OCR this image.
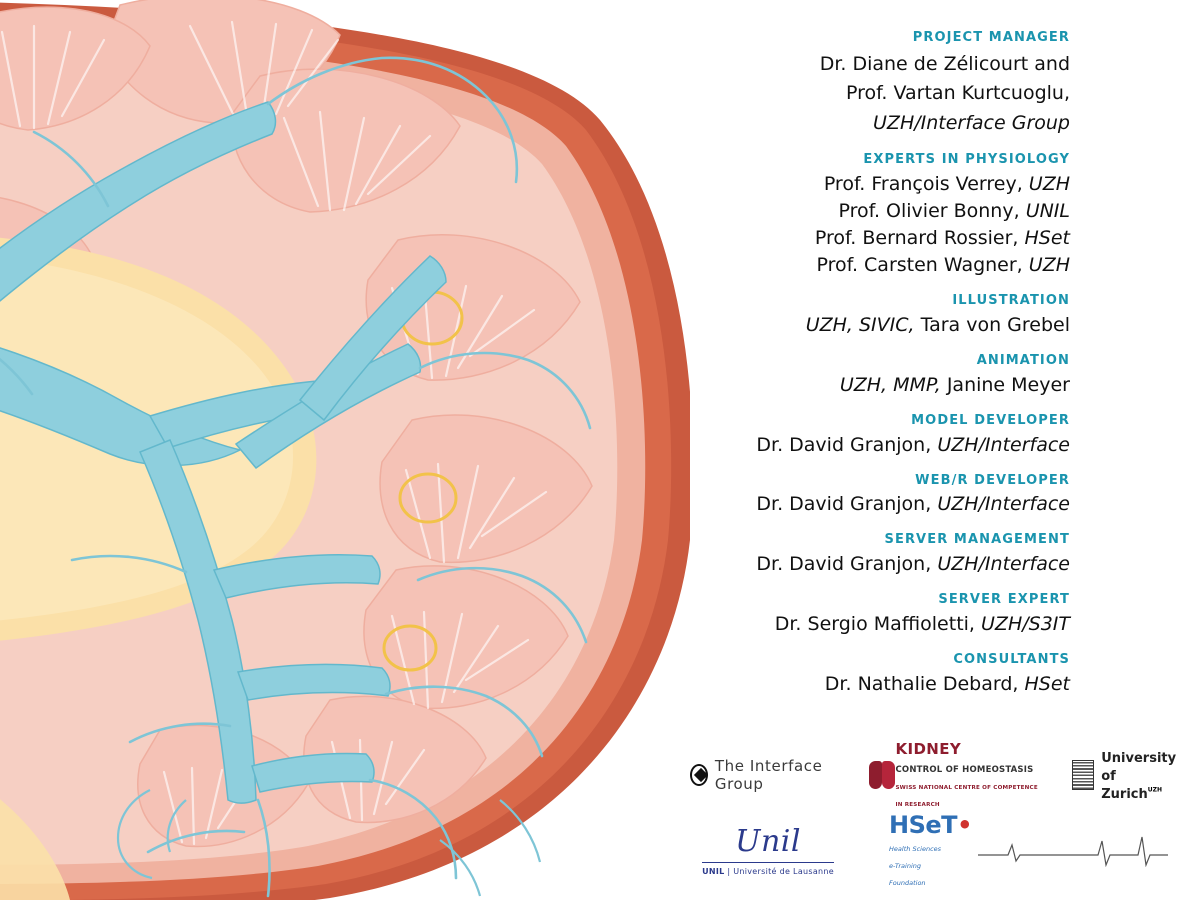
PROJECT MANAGER
Dr. Diane de Zélicourt and
Prof. Vartan Kurtcuoglu,
UZH/Interface Group
EXPERTS IN PHYSIOLOGY
Prof. François Verrey, UZH
Prof. Olivier Bonny, UNIL
Prof. Bernard Rossier, HSet
Prof. Carsten Wagner, UZH
ILLUSTRATION
UZH, SIVIC, Tara von Grebel
ANIMATION
UZH, MMP, Janine Meyer
MODEL DEVELOPER
Dr. David Granjon, UZH/Interface
WEB/R DEVELOPER
Dr. David Granjon, UZH/Interface
SERVER MANAGEMENT
Dr. David Granjon, UZH/Interface
SERVER EXPERT
Dr. Sergio Maffioletti, UZH/S3IT
CONSULTANTS
Dr. Nathalie Debard, HSet
The Interface Group
KIDNEY
CONTROL OF HOMEOSTASIS
SWISS NATIONAL CENTRE OF COMPETENCE IN RESEARCH
University of
Zurich$^{UZH}$
Unil
UNIL | Université de Lausanne
HSeT•
Health Sciences
e-Training
Foundation
